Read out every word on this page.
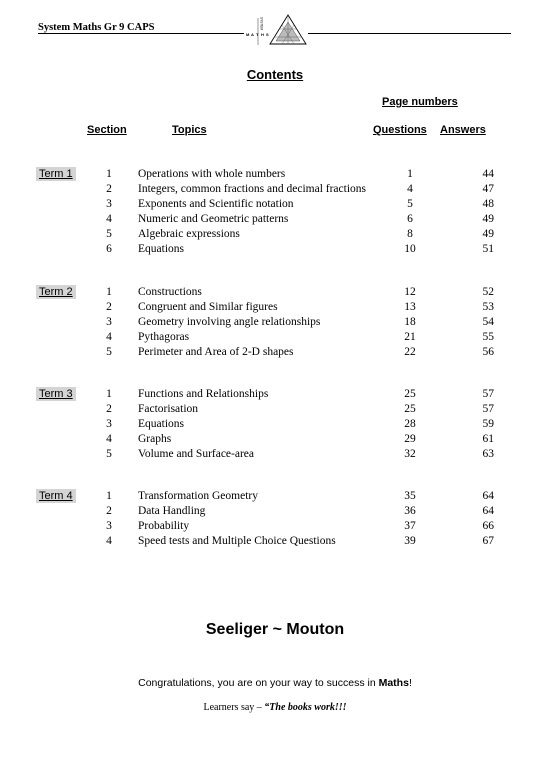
System Maths Gr 9 CAPS
M A T H S
SYSTEM
Contents
Page numbers
Section	Topics	Questions Answers
Term 1	1 Operations with whole numbers	1	44
2 Integers, common fractions and decimal fractions	4	47
3 Exponents and Scientific notation	5	48
4 Numeric and Geometric patterns	6	49
5 Algebraic expressions	8	49
6 Equations	10	51
Term 2	1 Constructions	12	52
2 Congruent and Similar figures	13	53
3 Geometry involving angle relationships	18	54
4 Pythagoras	21	55
5 Perimeter and Area of 2-D shapes	22	56
Term 3	1 Functions and Relationships	25	57
2 Factorisation	25	57
3 Equations	28	59
4 Graphs	29	61
5 Volume and Surface-area	32	63
Term 4	1 Transformation Geometry	35	64
2 Data Handling	36	64
3 Probability	37	66
4 Speed tests and Multiple Choice Questions	39	67
Seeliger ~ Mouton
Congratulations, you are on your way to success in Maths!
Learners say – “The books work!!!
